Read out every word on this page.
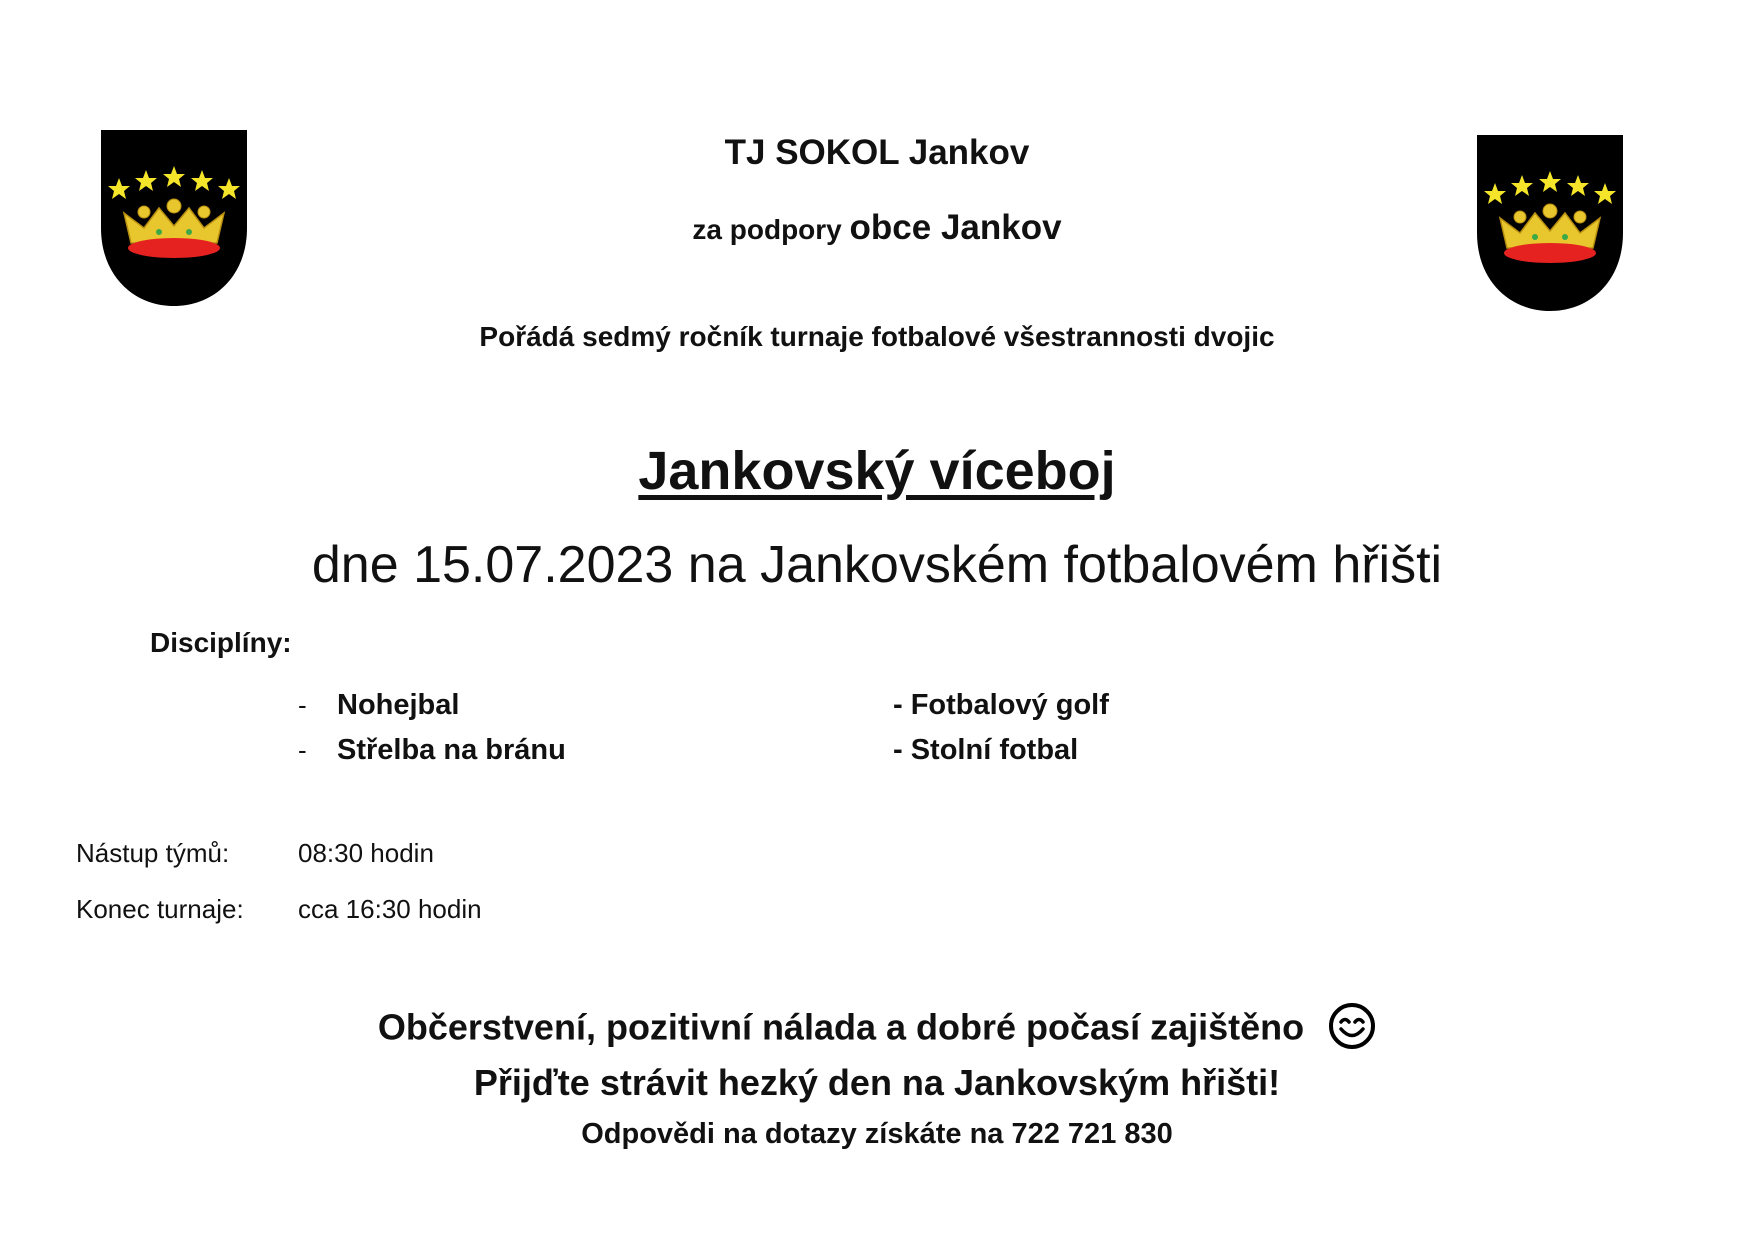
TJ SOKOL Jankov
za podpory obce Jankov
Pořádá sedmý ročník turnaje fotbalové všestrannosti dvojic
Jankovský víceboj
dne 15.07.2023 na Jankovském fotbalovém hřišti
Disciplíny:
- Nohejbal
- Střelba na bránu
- Fotbalový golf
- Stolní fotbal
Nástup týmů:	08:30 hodin
Konec turnaje: cca 16:30 hodin
Občerstvení, pozitivní nálada a dobré počasí zajištěno
Přijďte strávit hezký den na Jankovským hřišti!
Odpovědi na dotazy získáte na 722 721 830
